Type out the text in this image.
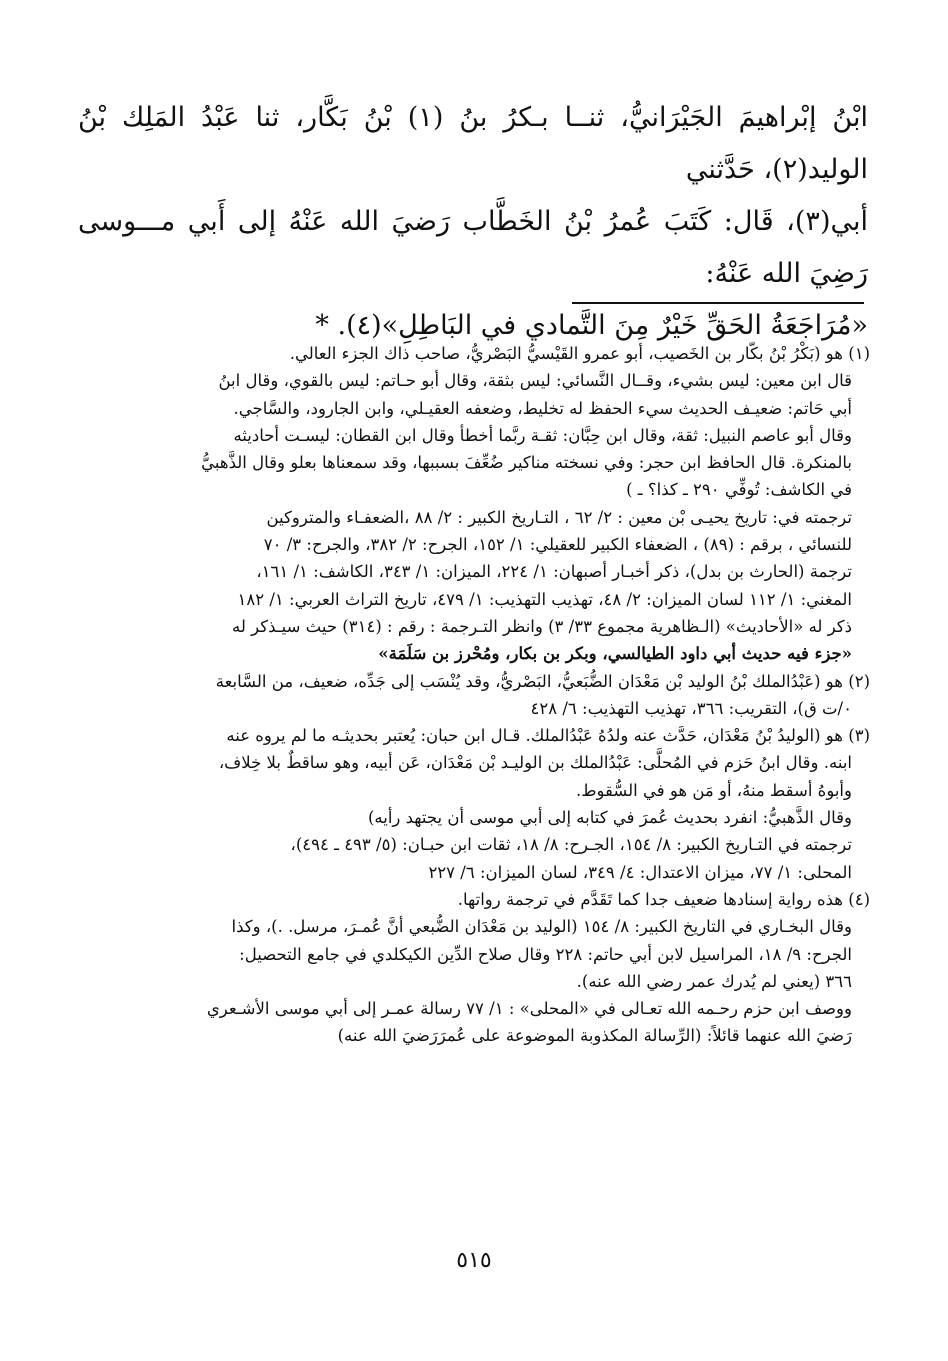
ابْنُ إبْراهيمَ الجَيْرَانيُّ، ثنــا بـكرُ بنُ (١) بْنُ بَكَّار، ثنا عَبْدُ المَلِك بْنُ الوليد(٢)، حَدَّثني

أبي(٣)، قَال: كَتَبَ عُمرُ بْنُ الخَطَّاب رَضيَ الله عَنْهُ إلى أَبي مـــوسى رَضِيَ الله عَنْهُ:

«مُرَاجَعَةُ الحَقِّ خَيْرٌ مِنَ التَّمادي في البَاطِلِ»(٤). *

(١) هو (بَكْرُ بْنُ بكّار بن الخَصيب، أبو عمرو القَيْسيُّ البَصْريُّ، صاحب ذاك الجزء العالي.

قال ابن معين: ليس بشيء، وقــال النَّسائي: ليس بثقة، وقال أبو حـاتم: ليس بالقوي، وقال ابنُ

أبي حَاتم: ضعيـف الحديث سيء الحفظ له تخليط، وضعفه العقيـلي، وابن الجارود، والسَّاجي.

وقال أبو عاصم النبيل: ثقة، وقال ابن حِبَّان: ثقـة ربَّما أخطأ وقال ابن القطان: ليسـت أحاديثه

بالمنكرة. قال الحافظ ابن حجر: وفي نسخته مناكير ضُعِّفَ بسببها، وقد سمعناها بعلو وقال الذَّهبيُّ

في الكاشف: تُوفِّي ٢٩٠ ـ كذا؟ ـ )

ترجمته في: تاريخ يحيـى بْن معين : ٢/ ٦٢ ، التـاريخ الكبير : ٢/ ٨٨ ،الضعفـاء والمتروكين

للنسائي ، برقم : (٨٩) ، الضعفاء الكبير للعقيلي: ١/ ١٥٢، الجرح: ٢/ ٣٨٢، والجرح: ٣/ ٧٠

ترجمة (الحارث بن بدل)، ذكر أخبـار أصبهان: ١/ ٢٢٤، الميزان: ١/ ٣٤٣، الكاشف: ١/ ١٦١،

المغني: ١/ ١١٢ لسان الميزان: ٢/ ٤٨، تهذيب التهذيب: ١/ ٤٧٩، تاريخ التراث العربي: ١/ ١٨٢

ذكر له «الأحاديث» (الـظاهرية مجموع ٣٣/ ٣) وانظر التـرجمة : رقم : (٣١٤) حيث سيـذكر له

«جزء فيه حديث أبي داود الطيالسي، وبكر بن بكار، ومُحْرز بن سَلَمَة»

(٢) هو (عَبْدُالملك بْنُ الوليد بْن مَعْدَان الضُّبَعيُّ، البَصْريُّ، وقد يُنْسَب إلى جَدِّه، ضعيف، من السَّابعة

٠/ت ق)، التقريب: ٣٦٦، تهذيب التهذيب: ٦/ ٤٢٨

(٣) هو (الوليدُ بْنُ مَعْدَان، حَدَّث عنه ولدُهُ عَبْدُالملك. قـال ابن حبان: يُعتبر بحديثـه ما لم يروه عنه

ابنه. وقال ابنُ حَزم في المُحلَّى: عَبْدُالملك بن الوليـد بْن مَعْدَان، عَن أبيه، وهو ساقطٌ بلا خِلاف،

وأبوهُ أسقط منهُ، أو مَن هو في السُّقوط.

وقال الذَّهبيُّ: انفرد بحديث عُمرَ في كتابه إلى أبي موسى أن يجتهد رأيه)

ترجمته في التـاريخ الكبير: ٨/ ١٥٤، الجـرح: ٨/ ١٨، ثقات ابن حبـان: (٥/ ٤٩٣ ـ ٤٩٤)،

المحلى: ١/ ٧٧، ميزان الاعتدال: ٤/ ٣٤٩، لسان الميزان: ٦/ ٢٢٧

(٤) هذه رواية إسنادها ضعيف جدا كما تَقَدَّم في ترجمة رواتها.

وقال البخـاري في التاريخ الكبير: ٨/ ١٥٤ (الوليد بن مَعْدَان الضُّبعي أنَّ عُمـرَ، مرسل. .)، وكذا

الجرح: ٩/ ١٨، المراسيل لابن أبي حاتم: ٢٢٨ وقال صلاح الدِّين الكيكلدي في جامع التحصيل:

٣٦٦ (يعني لم يُدرك عمر رضي الله عنه).

ووصف ابن حزم رحـمه الله تعـالى في «المحلى» : ١/ ٧٧ رسالة عمـر إلى أبي موسى الأشـعري

رَضيَ الله عنهما قائلاً: (الرِّسالة المكذوبة الموضوعة على عُمرَرَضيَ الله عنه)

٥١٥
